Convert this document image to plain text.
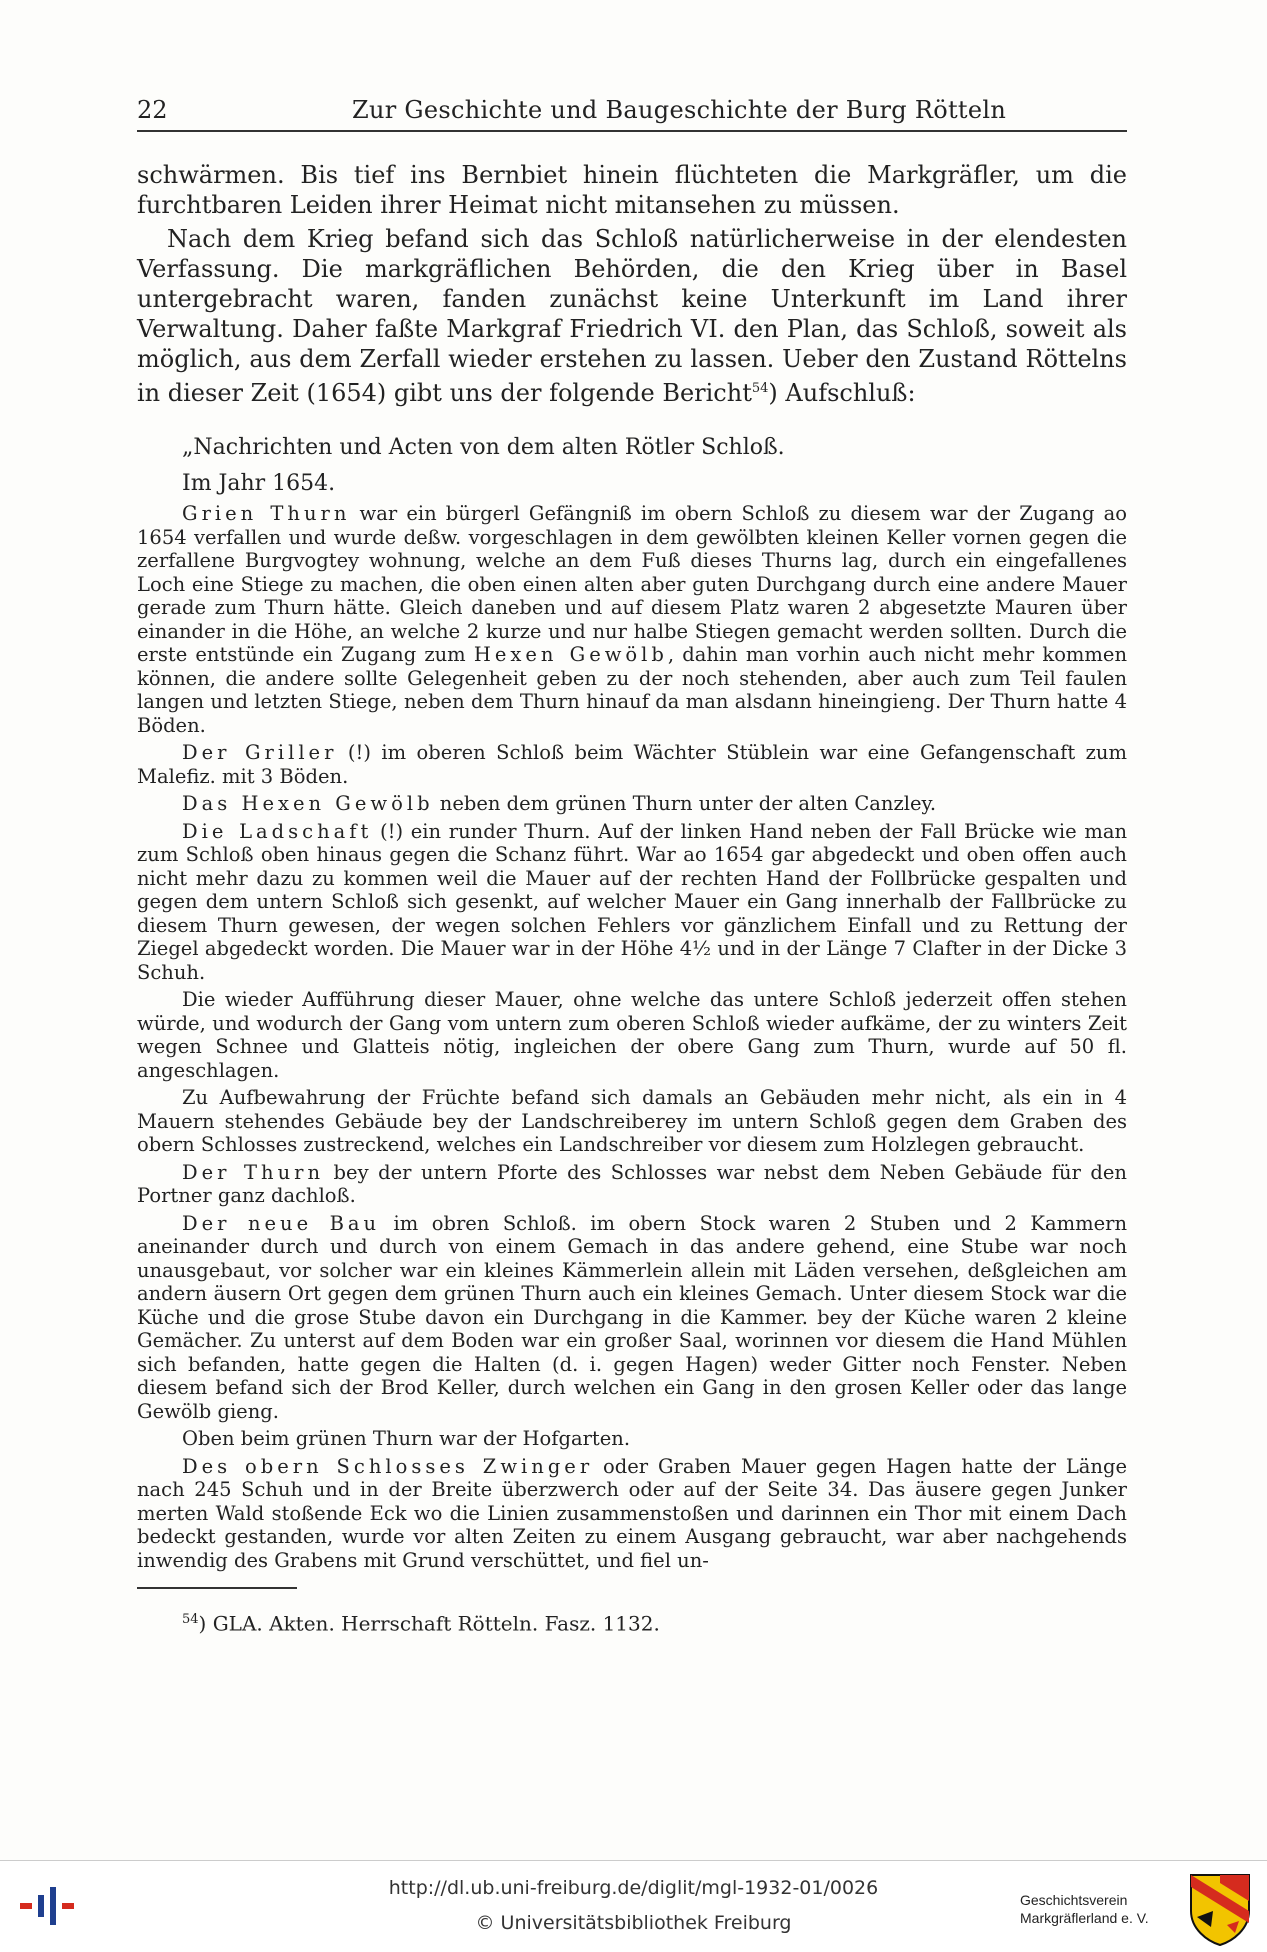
22	Zur Geschichte und Baugeschichte der Burg Rötteln

schwärmen. Bis tief ins Bernbiet hinein flüchteten die Markgräfler, um die furchtbaren Leiden ihrer Heimat nicht mitansehen zu müssen.

Nach dem Krieg befand sich das Schloß natürlicherweise in der elendesten Verfassung. Die markgräflichen Behörden, die den Krieg über in Basel untergebracht waren, fanden zunächst keine Unterkunft im Land ihrer Verwaltung. Daher faßte Markgraf Friedrich VI. den Plan, das Schloß, soweit als möglich, aus dem Zerfall wieder erstehen zu lassen. Ueber den Zustand Röttelns in dieser Zeit (1654) gibt uns der folgende Bericht$^{54}$) Aufschluß:

„Nachrichten und Acten von dem alten Rötler Schloß.

Im Jahr 1654.

Grien Thurn war ein bürgerl Gefängniß im obern Schloß zu diesem war der Zugang ao 1654 verfallen und wurde deßw. vorgeschlagen in dem gewölbten kleinen Keller vornen gegen die zerfallene Burgvogtey wohnung, welche an dem Fuß dieses Thurns lag, durch ein eingefallenes Loch eine Stiege zu machen, die oben einen alten aber guten Durchgang durch eine andere Mauer gerade zum Thurn hätte. Gleich daneben und auf diesem Platz waren 2 abgesetzte Mauren über einander in die Höhe, an welche 2 kurze und nur halbe Stiegen gemacht werden sollten. Durch die erste entstünde ein Zugang zum Hexen Gewölb, dahin man vorhin auch nicht mehr kommen können, die andere sollte Gelegenheit geben zu der noch stehenden, aber auch zum Teil faulen langen und letzten Stiege, neben dem Thurn hinauf da man alsdann hineingieng. Der Thurn hatte 4 Böden.

Der Griller (!) im oberen Schloß beim Wächter Stüblein war eine Gefangenschaft zum Malefiz. mit 3 Böden.

Das Hexen Gewölb neben dem grünen Thurn unter der alten Canzley.

Die Ladschaft (!) ein runder Thurn. Auf der linken Hand neben der Fall Brücke wie man zum Schloß oben hinaus gegen die Schanz führt. War ao 1654 gar abgedeckt und oben offen auch nicht mehr dazu zu kommen weil die Mauer auf der rechten Hand der Follbrücke gespalten und gegen dem untern Schloß sich gesenkt, auf welcher Mauer ein Gang innerhalb der Fallbrücke zu diesem Thurn gewesen, der wegen solchen Fehlers vor gänzlichem Einfall und zu Rettung der Ziegel abgedeckt worden. Die Mauer war in der Höhe 4½ und in der Länge 7 Clafter in der Dicke 3 Schuh.

Die wieder Aufführung dieser Mauer, ohne welche das untere Schloß jederzeit offen stehen würde, und wodurch der Gang vom untern zum oberen Schloß wieder aufkäme, der zu winters Zeit wegen Schnee und Glatteis nötig, ingleichen der obere Gang zum Thurn, wurde auf 50 fl. angeschlagen.

Zu Aufbewahrung der Früchte befand sich damals an Gebäuden mehr nicht, als ein in 4 Mauern stehendes Gebäude bey der Landschreiberey im untern Schloß gegen dem Graben des obern Schlosses zustreckend, welches ein Landschreiber vor diesem zum Holzlegen gebraucht.

Der Thurn bey der untern Pforte des Schlosses war nebst dem Neben Gebäude für den Portner ganz dachloß.

Der neue Bau im obren Schloß. im obern Stock waren 2 Stuben und 2 Kammern aneinander durch und durch von einem Gemach in das andere gehend, eine Stube war noch unausgebaut, vor solcher war ein kleines Kämmerlein allein mit Läden versehen, deßgleichen am andern äusern Ort gegen dem grünen Thurn auch ein kleines Gemach. Unter diesem Stock war die Küche und die grose Stube davon ein Durchgang in die Kammer. bey der Küche waren 2 kleine Gemächer. Zu unterst auf dem Boden war ein großer Saal, worinnen vor diesem die Hand Mühlen sich befanden, hatte gegen die Halten (d. i. gegen Hagen) weder Gitter noch Fenster. Neben diesem befand sich der Brod Keller, durch welchen ein Gang in den grosen Keller oder das lange Gewölb gieng.

Oben beim grünen Thurn war der Hofgarten.

Des obern Schlosses Zwinger oder Graben Mauer gegen Hagen hatte der Länge nach 245 Schuh und in der Breite überzwerch oder auf der Seite 34. Das äusere gegen Junker merten Wald stoßende Eck wo die Linien zusammenstoßen und darinnen ein Thor mit einem Dach bedeckt gestanden, wurde vor alten Zeiten zu einem Ausgang gebraucht, war aber nachgehends inwendig des Grabens mit Grund verschüttet, und fiel un-

$^{54}$) GLA. Akten. Herrschaft Rötteln. Fasz. 1132.
http://dl.ub.uni-freiburg.de/diglit/mgl-1932-01/0026
© Universitätsbibliothek Freiburg
Geschichtsverein
Markgräflerland e. V.
